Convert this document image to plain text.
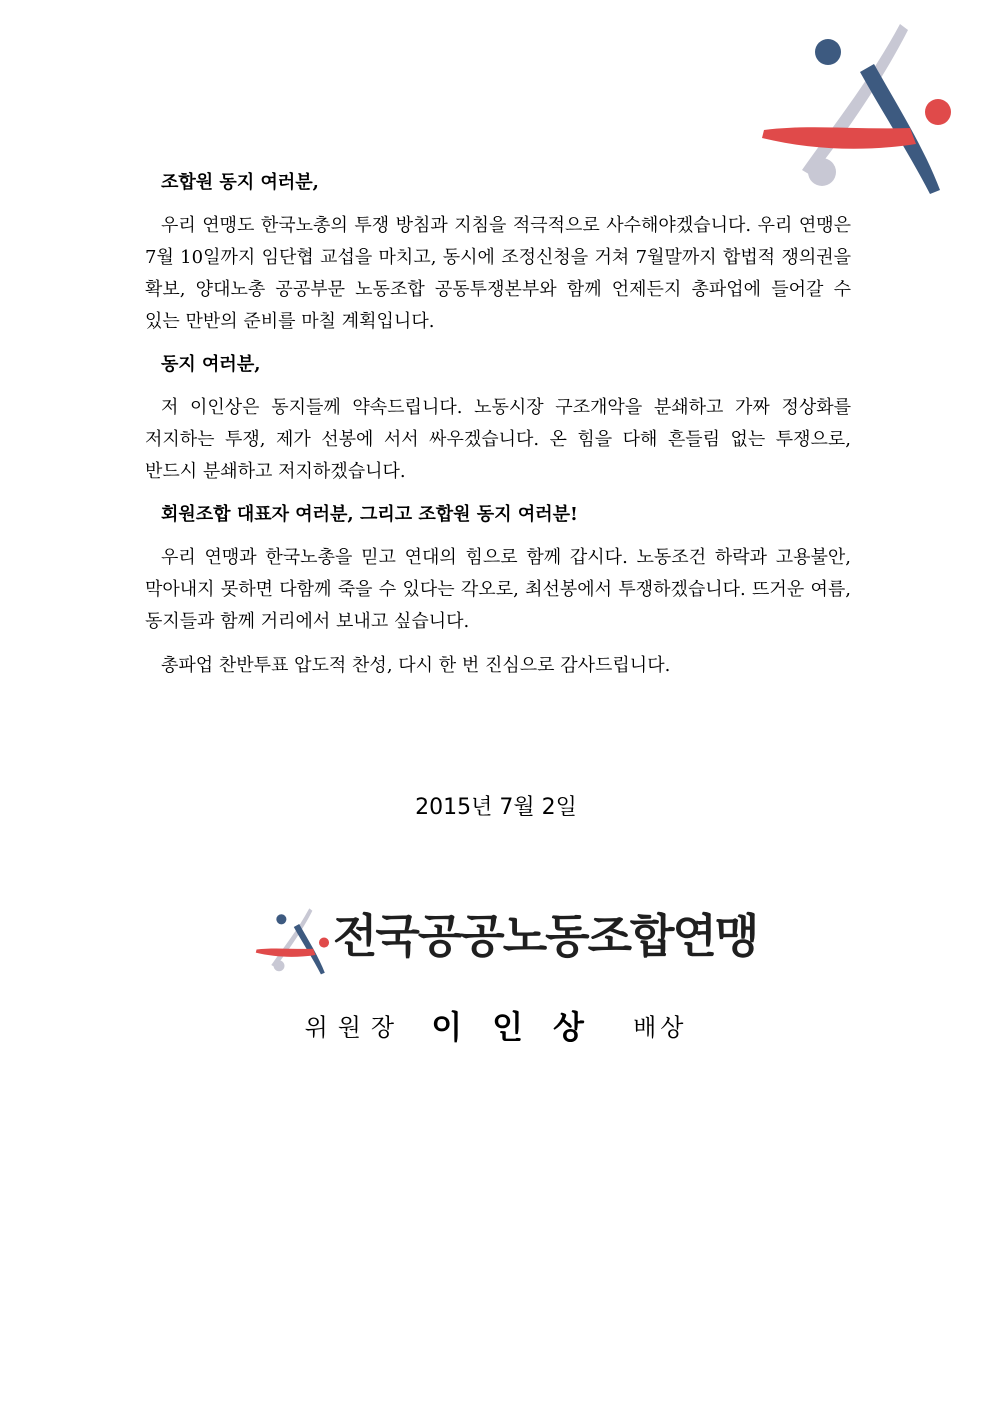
조합원 동지 여러분,

우리 연맹도 한국노총의 투쟁 방침과 지침을 적극적으로 사수해야겠습니다. 우리 연맹은 7월 10일까지 임단협 교섭을 마치고, 동시에 조정신청을 거쳐 7월말까지 합법적 쟁의권을 확보, 양대노총 공공부문 노동조합 공동투쟁본부와 함께 언제든지 총파업에 들어갈 수 있는 만반의 준비를 마칠 계획입니다.

동지 여러분,

저 이인상은 동지들께 약속드립니다. 노동시장 구조개악을 분쇄하고 가짜 정상화를 저지하는 투쟁, 제가 선봉에 서서 싸우겠습니다. 온 힘을 다해 흔들림 없는 투쟁으로, 반드시 분쇄하고 저지하겠습니다.

회원조합 대표자 여러분, 그리고 조합원 동지 여러분!

우리 연맹과 한국노총을 믿고 연대의 힘으로 함께 갑시다. 노동조건 하락과 고용불안, 막아내지 못하면 다함께 죽을 수 있다는 각오로, 최선봉에서 투쟁하겠습니다. 뜨거운 여름, 동지들과 함께 거리에서 보내고 싶습니다.

총파업 찬반투표 압도적 찬성, 다시 한 번 진심으로 감사드립니다.

2015년 7월 2일
전국공공노동조합연맹
위원장 이인상 배상
